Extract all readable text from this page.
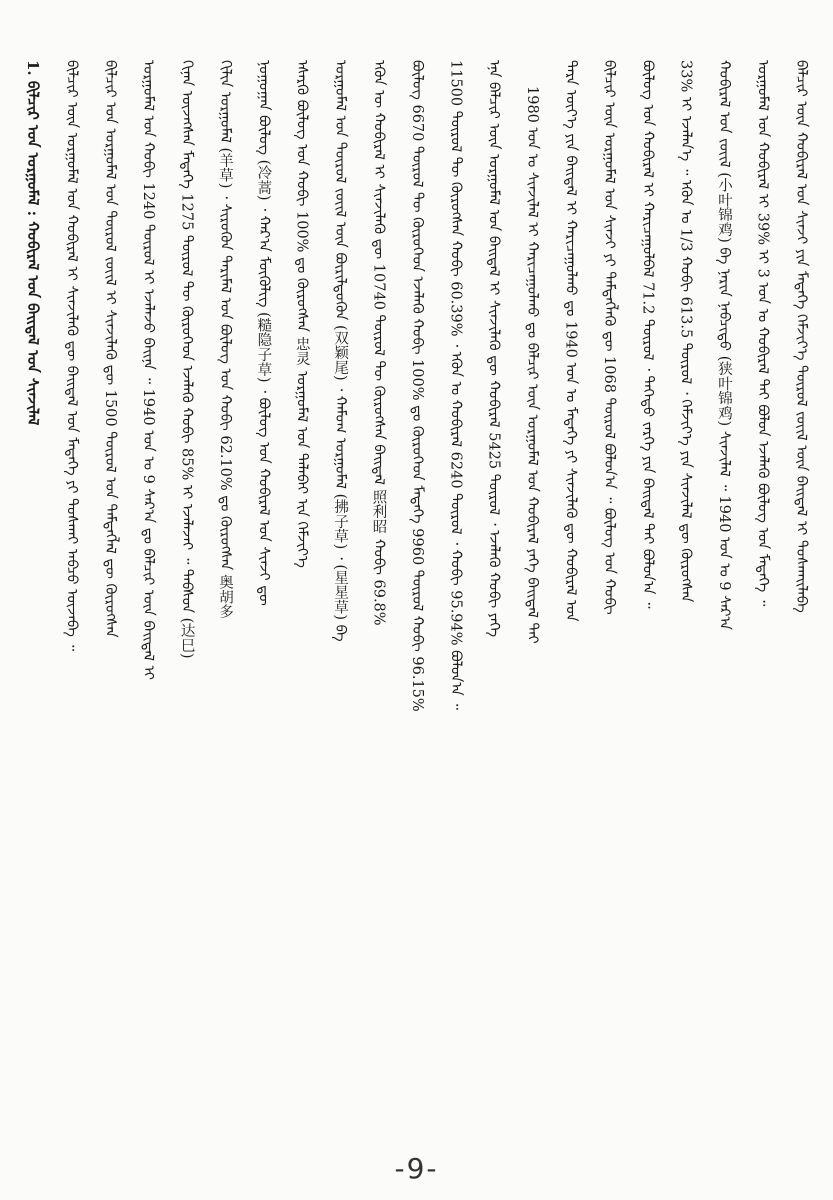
1. ᠪᠢᠯᠴᠢᠷ ᠤᠨ ᠤᠷᠭᠤᠮᠠᠯ : ᠬᠤᠪᠢᠷᠠᠯ ᠤᠨ ᠪᠠᠢᠳᠠᠯ ᠤᠨ ᠰᠢᠨᠵᠢᠯᠡᠯ ᠪᠢᠯᠴᠢᠷ ᠦᠨ ᠤᠷᠭᠤᠮᠠᠯ ᠤᠨ ᠬᠤᠪᠢᠷᠠᠯ ᠢ ᠰᠢᠨᠵᠢᠯᠡᠬᠦ ᠳᠦ ᠪᠠᠢᠳᠠᠯ ᠤᠨ ᠮᠡᠳᠡᠭᠡ ᠶᠢ ᠲᠤᠰᠬᠠᠢ ᠠᠪᠴᠤ ᠦᠵᠡᠪᠡ ᠃ ᠪᠢᠯᠴᠢᠷ ᠤᠨ ᠤᠷᠭᠤᠮᠠᠯ ᠤᠨ ᠲᠦᠷᠦᠯ ᠵᠦᠢᠯ ᠢ ᠰᠢᠨᠵᠢᠯᠡᠬᠦ ᠳᠦ 1500 ᠲᠦᠷᠦᠯ ᠤᠨ ᠲᠡᠮᠳᠡᠭᠯᠡᠯ ᠳᠦ ᠬᠦᠷᠦᠭᠰᠡᠨ ᠤᠷᠭᠤᠮᠠᠯ ᠤᠨ ᠬᠤᠪᠢ 1240 ᠲᠦᠷᠦᠯ ᠢ ᠡᠵᠡᠯᠡᠵᠦ ᠪᠠᠢᠨᠠ ᠃ 1940 ᠤᠨ ᠤ 9 ᠰᠠᠷ᠎ᠠ ᠳᠤ ᠪᠡᠯᠴᠢᠷ ᠦᠨ ᠪᠠᠢᠳᠠᠯ ᠢ ᠬᠢᠨᠠᠨ ᠦᠵᠡᠭᠰᠡᠨ ᠮᠡᠳᠡᠭᠡ 1275 ᠲᠦᠷᠦᠯ ᠲᠦ ᠬᠦᠷᠦᠭᠡᠳ ᠡᠵᠡᠯᠡᠬᠦ ᠬᠤᠪᠢ 85% ᠢ ᠡᠵᠡᠯᠡᠵᠡᠢ ᠃ ᠳᠠᠪᠰᠤᠨ (达巳) ᠬᠢᠯᠢᠨ ᠤᠷᠭᠤᠮᠠᠯ (羊草) ᠂ ᠰᠢᠷᠦᠭᠦᠨ ᠲᠠᠷᠢᠮᠠᠯ ᠤᠨ ᠪᠦᠯᠦᠭ ᠤᠨ ᠬᠤᠪᠢ 62.10% ᠳᠤ ᠬᠦᠷᠦᠭᠰᠡᠨ 奥胡多 ᠨᠤᠭᠤᠭᠠᠨ ᠪᠦᠯᠦᠭ (冷蒿) ᠂ ᠬᠠᠷ᠎ᠠ ᠮᠦᠬᠦᠯᠢᠭ (糙隐子草) ᠂ ᠪᠦᠯᠦᠭ ᠤᠨ ᠬᠤᠪᠢᠷᠠᠯ ᠤᠨ ᠰᠢᠨᠵᠢ ᠳᠦ ᠡᠰᠡᠷᠭᠦ ᠪᠦᠯᠦᠭ ᠤᠨ ᠬᠤᠪᠢ 100% ᠳᠤ ᠬᠦᠷᠦᠭᠰᠡᠨ 忠灵 ᠤᠷᠭᠤᠮᠠᠯ ᠤᠨ ᠲᠠᠯᠠᠪᠠᠢ ᠢᠨ ᠬᠡᠮᠵᠢᠶ᠎ᠡ ᠤᠷᠭᠤᠮᠠᠯ ᠤᠨ ᠲᠦᠷᠦᠯ ᠵᠦᠢᠯ ᠦᠨ ᠪᠦᠷᠢᠯᠳᠦᠬᠦᠨ (双颖尾) ᠂ ᠬᠠᠮᠤᠬ ᠤᠷᠭᠤᠮᠠᠯ (拂子草) ᠂ (星星草) ᠪᠠ ᠡᠭᠦᠨ ᠦ ᠬᠤᠪᠢᠷᠠᠯ ᠢ ᠰᠢᠨᠵᠢᠯᠡᠬᠦ ᠳᠦ 10740 ᠲᠦᠷᠦᠯ ᠲᠦ ᠬᠦᠷᠦᠭᠰᠡᠨ ᠪᠠᠢᠳᠠᠯ 照利昭 ᠬᠤᠪᠢ 69.8% ᠪᠦᠯᠦᠭ 6670 ᠲᠦᠷᠦᠯ ᠲᠦ ᠬᠦᠷᠦᠭᠡᠳ ᠡᠵᠡᠯᠡᠬᠦ ᠬᠤᠪᠢ 100% ᠳᠤ ᠬᠦᠷᠦᠭᠡᠳ ᠮᠡᠳᠡᠭᠡ 9960 ᠲᠦᠷᠦᠯ ᠬᠤᠪᠢ 96.15% 11500 ᠲᠦᠷᠦᠯ ᠲᠦ ᠬᠦᠷᠦᠭᠰᠡᠨ ᠬᠤᠪᠢ 60.39% ᠂ ᠡᠭᠦᠨ ᠤ ᠬᠤᠪᠢᠷᠠᠯ 6240 ᠲᠦᠷᠦᠯ ᠂ ᠬᠤᠪᠢ 95.94% ᠪᠤᠯᠤᠨ᠎ᠠ ᠃ ᠡᠨᠡ ᠪᠡᠯᠴᠢᠷ ᠦᠨ ᠤᠷᠭᠤᠮᠠᠯ ᠤᠨ ᠪᠠᠢᠳᠠᠯ ᠢ ᠰᠢᠨᠵᠢᠯᠡᠬᠦ ᠳᠦ ᠬᠤᠪᠢᠷᠠᠯ 5425 ᠲᠦᠷᠦᠯ ᠂ ᠡᠵᠡᠯᠡᠬᠦ ᠬᠤᠪᠢ ᠶᠡᠬᠡ 1980 ᠤᠨ ᠤ ᠰᠢᠨᠵᠢᠯᠡᠯ ᠢ ᠬᠠᠷᠢᠴᠠᠭᠤᠯᠬᠤ ᠳᠤ ᠪᠡᠯᠴᠢᠷ ᠦᠨ ᠤᠷᠭᠤᠮᠠᠯ ᠤᠨ ᠬᠤᠪᠢᠷᠠᠯ ᠶᠡᠬᠡ ᠪᠠᠢᠳᠠᠯ ᠲᠠᠢ ᠲᠡᠷᠡ ᠦᠶ᠎ᠡ ᠶᠢᠨ ᠪᠠᠢᠳᠠᠯ ᠢ ᠬᠠᠷᠢᠴᠠᠭᠤᠯᠬᠤ ᠳᠤ 1940 ᠤᠨ ᠤ ᠮᠡᠳᠡᠭᠡ ᠶᠢ ᠰᠢᠨᠵᠢᠯᠡᠬᠦ ᠳᠦ ᠬᠤᠪᠢᠷᠠᠯ ᠤᠨ ᠪᠢᠯᠴᠢᠷ ᠦᠨ ᠤᠷᠭᠤᠮᠠᠯ ᠤᠨ ᠰᠢᠨᠵᠢ ᠶᠢ ᠲᠡᠮᠳᠡᠭᠯᠡᠬᠦ ᠳᠦ 1068 ᠲᠦᠷᠦᠯ ᠪᠤᠯᠤᠨ᠎ᠠ ᠃ ᠪᠦᠯᠦᠭ ᠤᠨ ᠬᠤᠪᠢ ᠪᠦᠯᠦᠭ ᠤᠨ ᠬᠤᠪᠢᠷᠠᠯ ᠢ ᠬᠠᠷᠢᠴᠠᠭᠤᠯᠪᠠᠯ 71.2 ᠲᠦᠷᠦᠯ ᠂ ᠳᠡᠭᠡᠳᠦ ᠵᠡᠷᠭᠡ ᠶᠢᠨ ᠪᠠᠢᠳᠠᠯ ᠲᠠᠢ ᠪᠤᠯᠤᠨ᠎ᠠ ᠃ 33% ᠢ ᠡᠵᠡᠯᠡᠨ᠎ᠡ ᠃ ᠡᠭᠦᠨ ᠤ 1/3 ᠬᠤᠪᠢ 613.5 ᠲᠦᠷᠦᠯ ᠂ ᠬᠡᠮᠵᠢᠶ᠎ᠡ ᠶᠢᠨ ᠰᠢᠨᠵᠢᠯᠡᠯ ᠳᠦ ᠬᠦᠷᠦᠭᠰᠡᠨ ᠬᠤᠪᠢᠷᠠᠯ ᠤᠨ ᠵᠦᠢᠯ (小叶锦鸡) ᠪᠠ ᠨᠠᠷᠢᠨ ᠨᠠᠪᠴᠢᠲᠤ (狭叶锦鸡) ᠰᠢᠨᠵᠢᠯᠡᠯ ᠃ 1940 ᠤᠨ ᠤ 9 ᠰᠠᠷ᠎ᠠ ᠤᠷᠭᠤᠮᠠᠯ ᠤᠨ ᠬᠤᠪᠢᠷᠠᠯ ᠢ 39% ᠢ 3 ᠤᠨ ᠤ ᠬᠤᠪᠢᠷᠠᠯ ᠲᠠᠢ ᠪᠤᠯᠤᠨ ᠡᠵᠡᠯᠡᠬᠦ ᠪᠦᠯᠦᠭ ᠤᠨ ᠮᠡᠳᠡᠭᠡ ᠃ ᠪᠡᠯᠴᠢᠷ ᠦᠨ ᠬᠤᠪᠢᠷᠠᠯ ᠤᠨ ᠰᠢᠨᠵᠢ ᠶᠢᠨ ᠮᠡᠳᠡᠭᠡ ᠬᠡᠮᠵᠢᠶ᠎ᠡ ᠲᠦᠷᠦᠯ ᠵᠦᠢᠯ ᠦᠨ ᠪᠠᠢᠳᠠᠯ ᠢ ᠲᠤᠰᠬᠠᠢᠯᠠᠪᠠ
-9-
